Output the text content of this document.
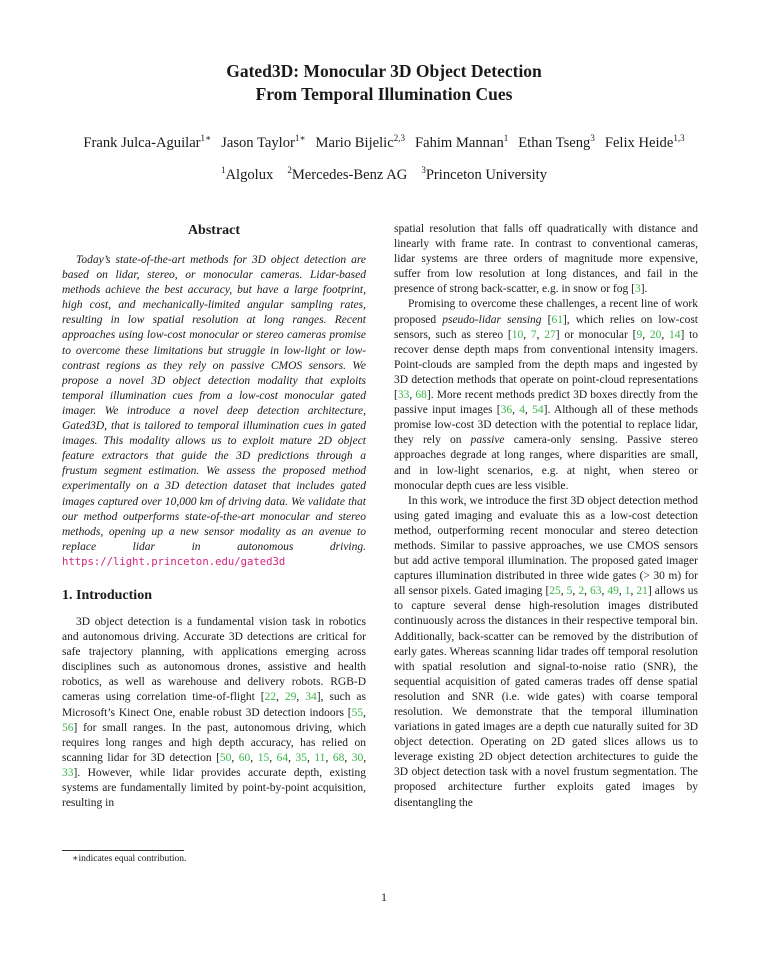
Gated3D: Monocular 3D Object Detection
From Temporal Illumination Cues
Frank Julca-Aguilar$^{1∗}$ Jason Taylor$^{1∗}$ Mario Bijelic$^{2,3}$ Fahim Mannan$^1$ Ethan Tseng$^3$ Felix Heide$^{1,3}$
$^1$Algolux $^2$Mercedes-Benz AG $^3$Princeton University
Abstract

Today’s state-of-the-art methods for 3D object detection are based on lidar, stereo, or monocular cameras. Lidar-based methods achieve the best accuracy, but have a large footprint, high cost, and mechanically-limited angular sampling rates, resulting in low spatial resolution at long ranges. Recent approaches using low-cost monocular or stereo cameras promise to overcome these limitations but struggle in low-light or low-contrast regions as they rely on passive CMOS sensors. We propose a novel 3D object detection modality that exploits temporal illumination cues from a low-cost monocular gated imager. We introduce a novel deep detection architecture, Gated3D, that is tailored to temporal illumination cues in gated images. This modality allows us to exploit mature 2D object feature extractors that guide the 3D predictions through a frustum segment estimation. We assess the proposed method experimentally on a 3D detection dataset that includes gated images captured over 10,000 km of driving data. We validate that our method outperforms state-of-the-art monocular and stereo methods, opening up a new sensor modality as an avenue to replace lidar in autonomous driving. https://light.princeton.edu/gated3d

1. Introduction

3D object detection is a fundamental vision task in robotics and autonomous driving. Accurate 3D detections are critical for safe trajectory planning, with applications emerging across disciplines such as autonomous drones, assistive and health robotics, as well as warehouse and delivery robots. RGB-D cameras using correlation time-of-flight [22, 29, 34], such as Microsoft’s Kinect One, enable robust 3D detection indoors [55, 56] for small ranges. In the past, autonomous driving, which requires long ranges and high depth accuracy, has relied on scanning lidar for 3D detection [50, 60, 15, 64, 35, 11, 68, 30, 33]. However, while lidar provides accurate depth, existing systems are fundamentally limited by point-by-point acquisition, resulting in

spatial resolution that falls off quadratically with distance and linearly with frame rate. In contrast to conventional cameras, lidar systems are three orders of magnitude more expensive, suffer from low resolution at long distances, and fail in the presence of strong back-scatter, e.g. in snow or fog [3].

Promising to overcome these challenges, a recent line of work proposed pseudo-lidar sensing [61], which relies on low-cost sensors, such as stereo [10, 7, 27] or monocular [9, 20, 14] to recover dense depth maps from conventional intensity imagers. Point-clouds are sampled from the depth maps and ingested by 3D detection methods that operate on point-cloud representations [33, 68]. More recent methods predict 3D boxes directly from the passive input images [36, 4, 54]. Although all of these methods promise low-cost 3D detection with the potential to replace lidar, they rely on passive camera-only sensing. Passive stereo approaches degrade at long ranges, where disparities are small, and in low-light scenarios, e.g. at night, when stereo or monocular depth cues are less visible.

In this work, we introduce the first 3D object detection method using gated imaging and evaluate this as a low-cost detection method, outperforming recent monocular and stereo detection methods. Similar to passive approaches, we use CMOS sensors but add active temporal illumination. The proposed gated imager captures illumination distributed in three wide gates (> 30 m) for all sensor pixels. Gated imaging [25, 5, 2, 63, 49, 1, 21] allows us to capture several dense high-resolution images distributed continuously across the distances in their respective temporal bin. Additionally, back-scatter can be removed by the distribution of early gates. Whereas scanning lidar trades off temporal resolution with spatial resolution and signal-to-noise ratio (SNR), the sequential acquisition of gated cameras trades off dense spatial resolution and SNR (i.e. wide gates) with coarse temporal resolution. We demonstrate that the temporal illumination variations in gated images are a depth cue naturally suited for 3D object detection. Operating on 2D gated slices allows us to leverage existing 2D object detection architectures to guide the 3D object detection task with a novel frustum segmentation. The proposed architecture further exploits gated images by disentangling the

∗indicates equal contribution.
1
